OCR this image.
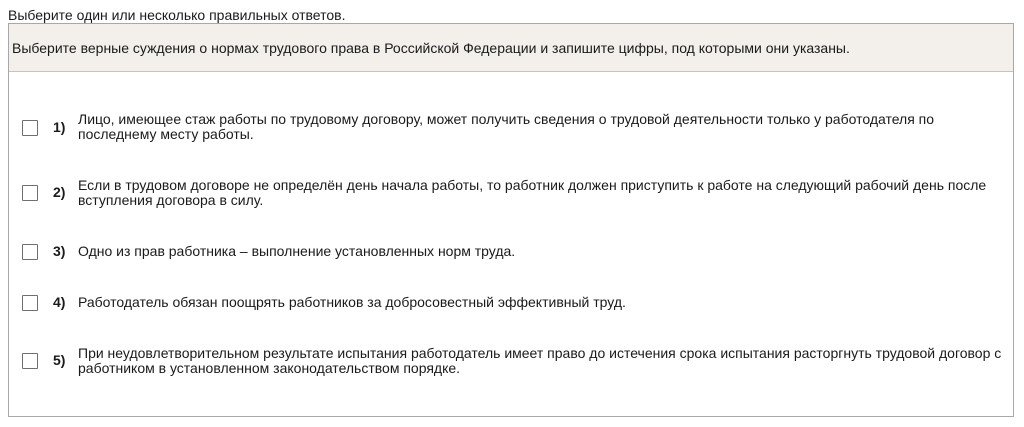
Выберите один или несколько правильных ответов.
Выберите верные суждения о нормах трудового права в Российской Федерации и запишите цифры, под которыми они указаны.
1) Лицо, имеющее стаж работы по трудовому договору, может получить сведения о трудовой деятельности только у работодателя по последнему месту работы.
2) Если в трудовом договоре не определён день начала работы, то работник должен приступить к работе на следующий рабочий день после вступления договора в силу.
3) Одно из прав работника – выполнение установленных норм труда.
4) Работодатель обязан поощрять работников за добросовестный эффективный труд.
5) При неудовлетворительном результате испытания работодатель имеет право до истечения срока испытания расторгнуть трудовой договор с работником в установленном законодательством порядке.
